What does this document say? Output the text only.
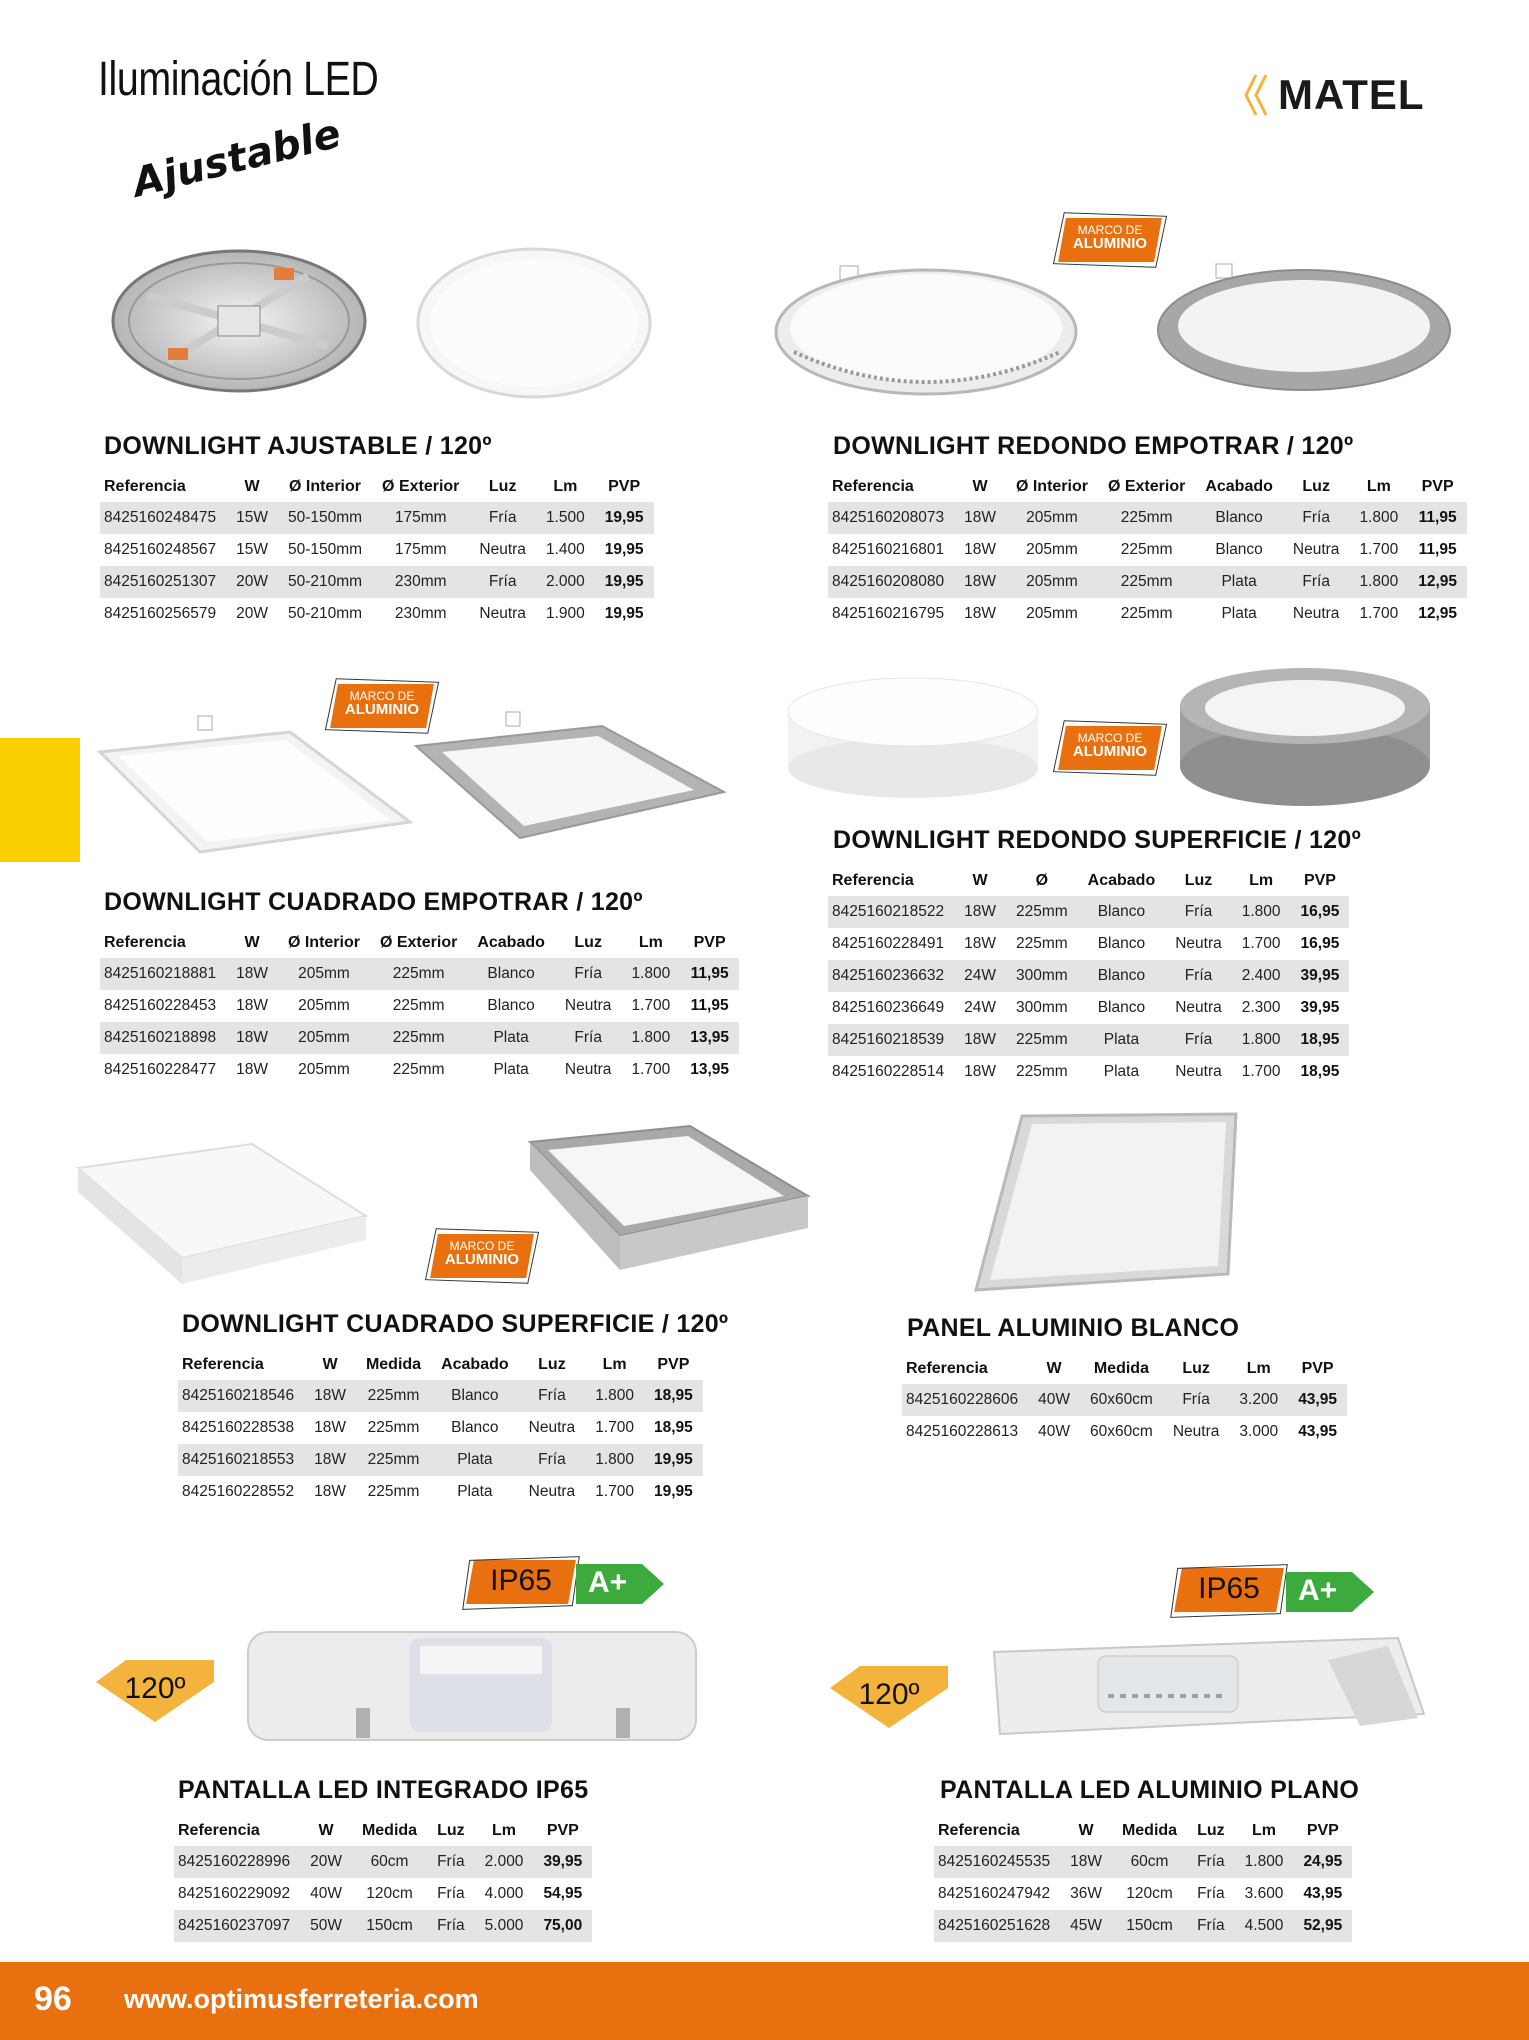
Iluminación LED	MATEL
Ajustable
MARCO DE
ALUMINIO
DOWNLIGHT AJUSTABLE / 120º
Referencia	W	Ø Interior	Ø Exterior	Luz	Lm	PVP
8425160248475	15W	50-150mm	175mm	Fría	1.500	19,95
8425160248567	15W	50-150mm	175mm	Neutra	1.400	19,95
8425160251307	20W	50-210mm	230mm	Fría	2.000	19,95
8425160256579	20W	50-210mm	230mm	Neutra	1.900	19,95
DOWNLIGHT REDONDO EMPOTRAR / 120º
Referencia	W	Ø Interior	Ø Exterior	Acabado	Luz	Lm	PVP
8425160208073	18W	205mm	225mm	Blanco	Fría	1.800	11,95
8425160216801	18W	205mm	225mm	Blanco	Neutra	1.700	11,95
8425160208080	18W	205mm	225mm	Plata	Fría	1.800	12,95
8425160216795	18W	205mm	225mm	Plata	Neutra	1.700	12,95
MARCO DE
ALUMINIO
MARCO DE
ALUMINIO
DOWNLIGHT CUADRADO EMPOTRAR / 120º
Referencia	W	Ø Interior	Ø Exterior	Acabado	Luz	Lm	PVP
8425160218881	18W	205mm	225mm	Blanco	Fría	1.800	11,95
8425160228453	18W	205mm	225mm	Blanco	Neutra	1.700	11,95
8425160218898	18W	205mm	225mm	Plata	Fría	1.800	13,95
8425160228477	18W	205mm	225mm	Plata	Neutra	1.700	13,95
DOWNLIGHT REDONDO SUPERFICIE / 120º
Referencia	W	Ø	Acabado	Luz	Lm	PVP
8425160218522	18W	225mm	Blanco	Fría	1.800	16,95
8425160228491	18W	225mm	Blanco	Neutra	1.700	16,95
8425160236632	24W	300mm	Blanco	Fría	2.400	39,95
8425160236649	24W	300mm	Blanco	Neutra	2.300	39,95
8425160218539	18W	225mm	Plata	Fría	1.800	18,95
8425160228514	18W	225mm	Plata	Neutra	1.700	18,95
MARCO DE
ALUMINIO
DOWNLIGHT CUADRADO SUPERFICIE / 120º
Referencia	W	Medida	Acabado	Luz	Lm	PVP
8425160218546	18W	225mm	Blanco	Fría	1.800	18,95
8425160228538	18W	225mm	Blanco	Neutra	1.700	18,95
8425160218553	18W	225mm	Plata	Fría	1.800	19,95
8425160228552	18W	225mm	Plata	Neutra	1.700	19,95
PANEL ALUMINIO BLANCO
Referencia	W	Medida	Luz	Lm	PVP
8425160228606	40W	60x60cm	Fría	3.200	43,95
8425160228613	40W	60x60cm	Neutra	3.000	43,95
IP65	A+
120º
IP65	A+
120º
PANTALLA LED INTEGRADO IP65
Referencia	W	Medida	Luz	Lm	PVP
8425160228996	20W	60cm	Fría	2.000	39,95
8425160229092	40W	120cm	Fría	4.000	54,95
8425160237097	50W	150cm	Fría	5.000	75,00
PANTALLA LED ALUMINIO PLANO
Referencia	W	Medida	Luz	Lm	PVP
8425160245535	18W	60cm	Fría	1.800	24,95
8425160247942	36W	120cm	Fría	3.600	43,95
8425160251628	45W	150cm	Fría	4.500	52,95
96 www.optimusferreteria.com
